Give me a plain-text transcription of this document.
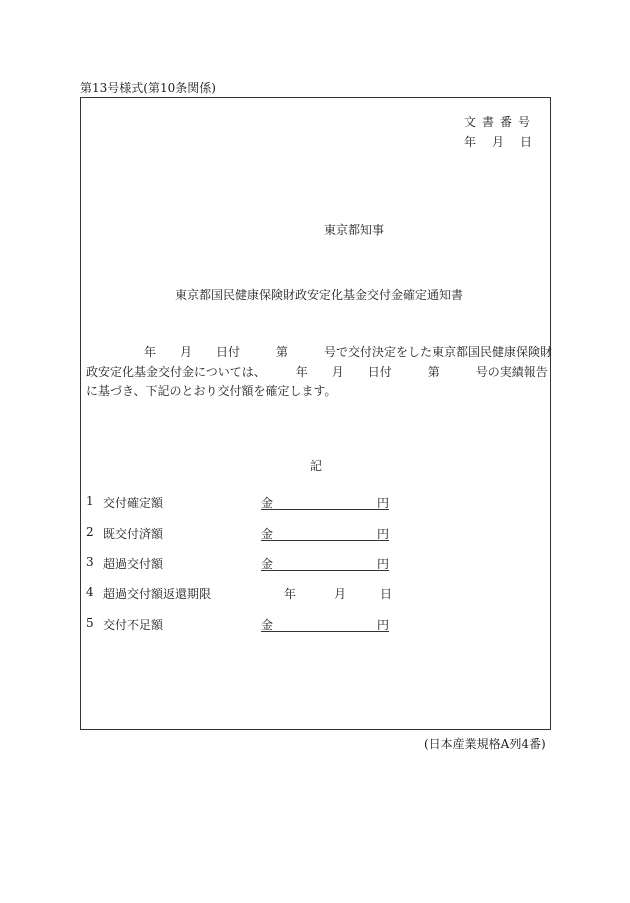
第13号様式(第10条関係)
文書番号
年 月 日
東京都知事
東京都国民健康保険財政安定化基金交付金確定通知書
年　　月　　日付　　　第　　　号で交付決定をした東京都国民健康保険財政安定化基金交付金については、　　　年　　月　　日付　　　第　　　号の実績報告に基づき、下記のとおり交付額を確定します。
記
1 交付確定額	金	円
2 既交付済額	金	円
3 超過交付額	金	円
4 超過交付額返還期限	年	月	日
5 交付不足額	金	円
(日本産業規格A列4番)
